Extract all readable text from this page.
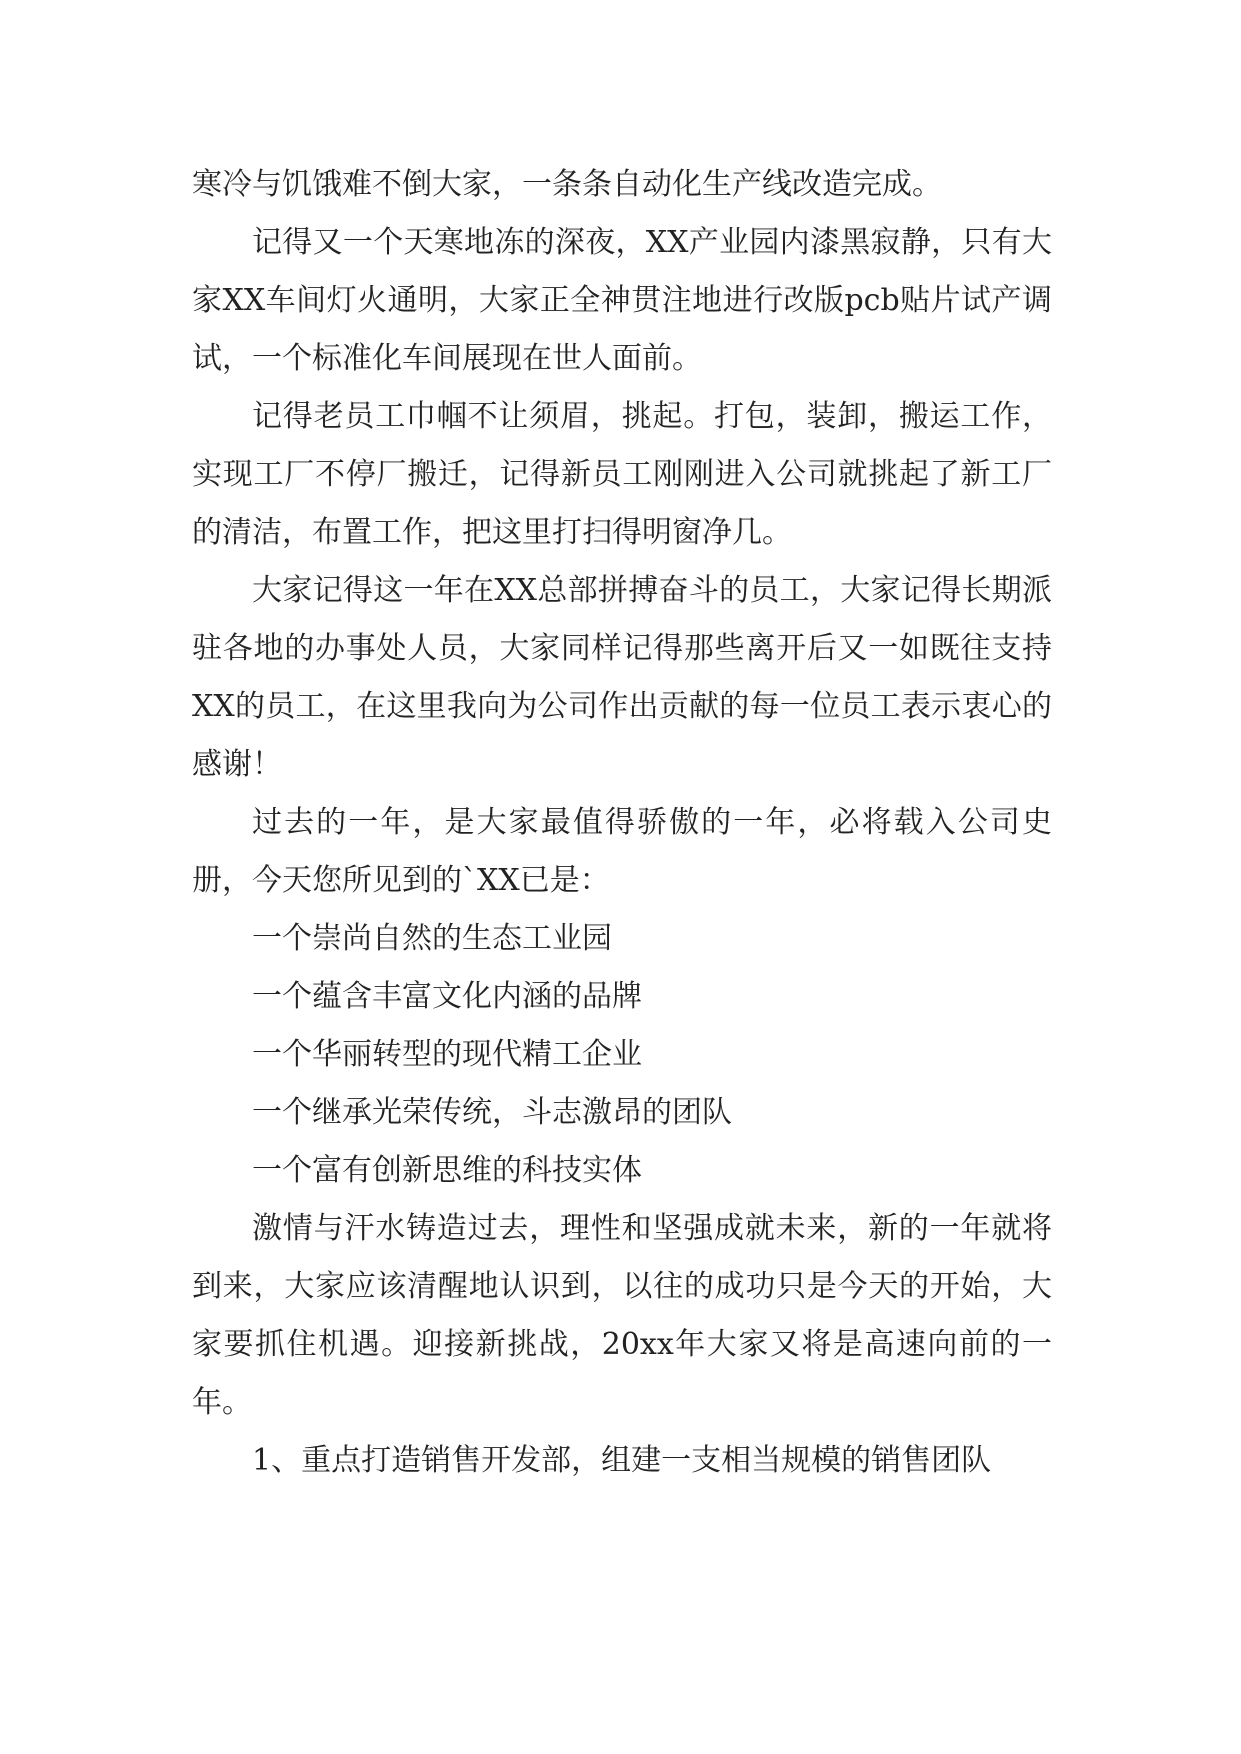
寒冷与饥饿难不倒大家，一条条自动化生产线改造完成。

记得又一个天寒地冻的深夜，XX产业园内漆黑寂静，只有大家XX车间灯火通明，大家正全神贯注地进行改版pcb贴片试产调试，一个标准化车间展现在世人面前。

记得老员工巾帼不让须眉，挑起。打包，装卸，搬运工作，实现工厂不停厂搬迁，记得新员工刚刚进入公司就挑起了新工厂的清洁，布置工作，把这里打扫得明窗净几。

大家记得这一年在XX总部拼搏奋斗的员工，大家记得长期派驻各地的办事处人员，大家同样记得那些离开后又一如既往支持XX的员工，在这里我向为公司作出贡献的每一位员工表示衷心的感谢！

过去的一年，是大家最值得骄傲的一年，必将载入公司史册，今天您所见到的`XX已是：

一个崇尚自然的生态工业园

一个蕴含丰富文化内涵的品牌

一个华丽转型的现代精工企业

一个继承光荣传统，斗志激昂的团队

一个富有创新思维的科技实体

激情与汗水铸造过去，理性和坚强成就未来，新的一年就将到来，大家应该清醒地认识到，以往的成功只是今天的开始，大家要抓住机遇。迎接新挑战，20xx年大家又将是高速向前的一年。

1、重点打造销售开发部，组建一支相当规模的销售团队
